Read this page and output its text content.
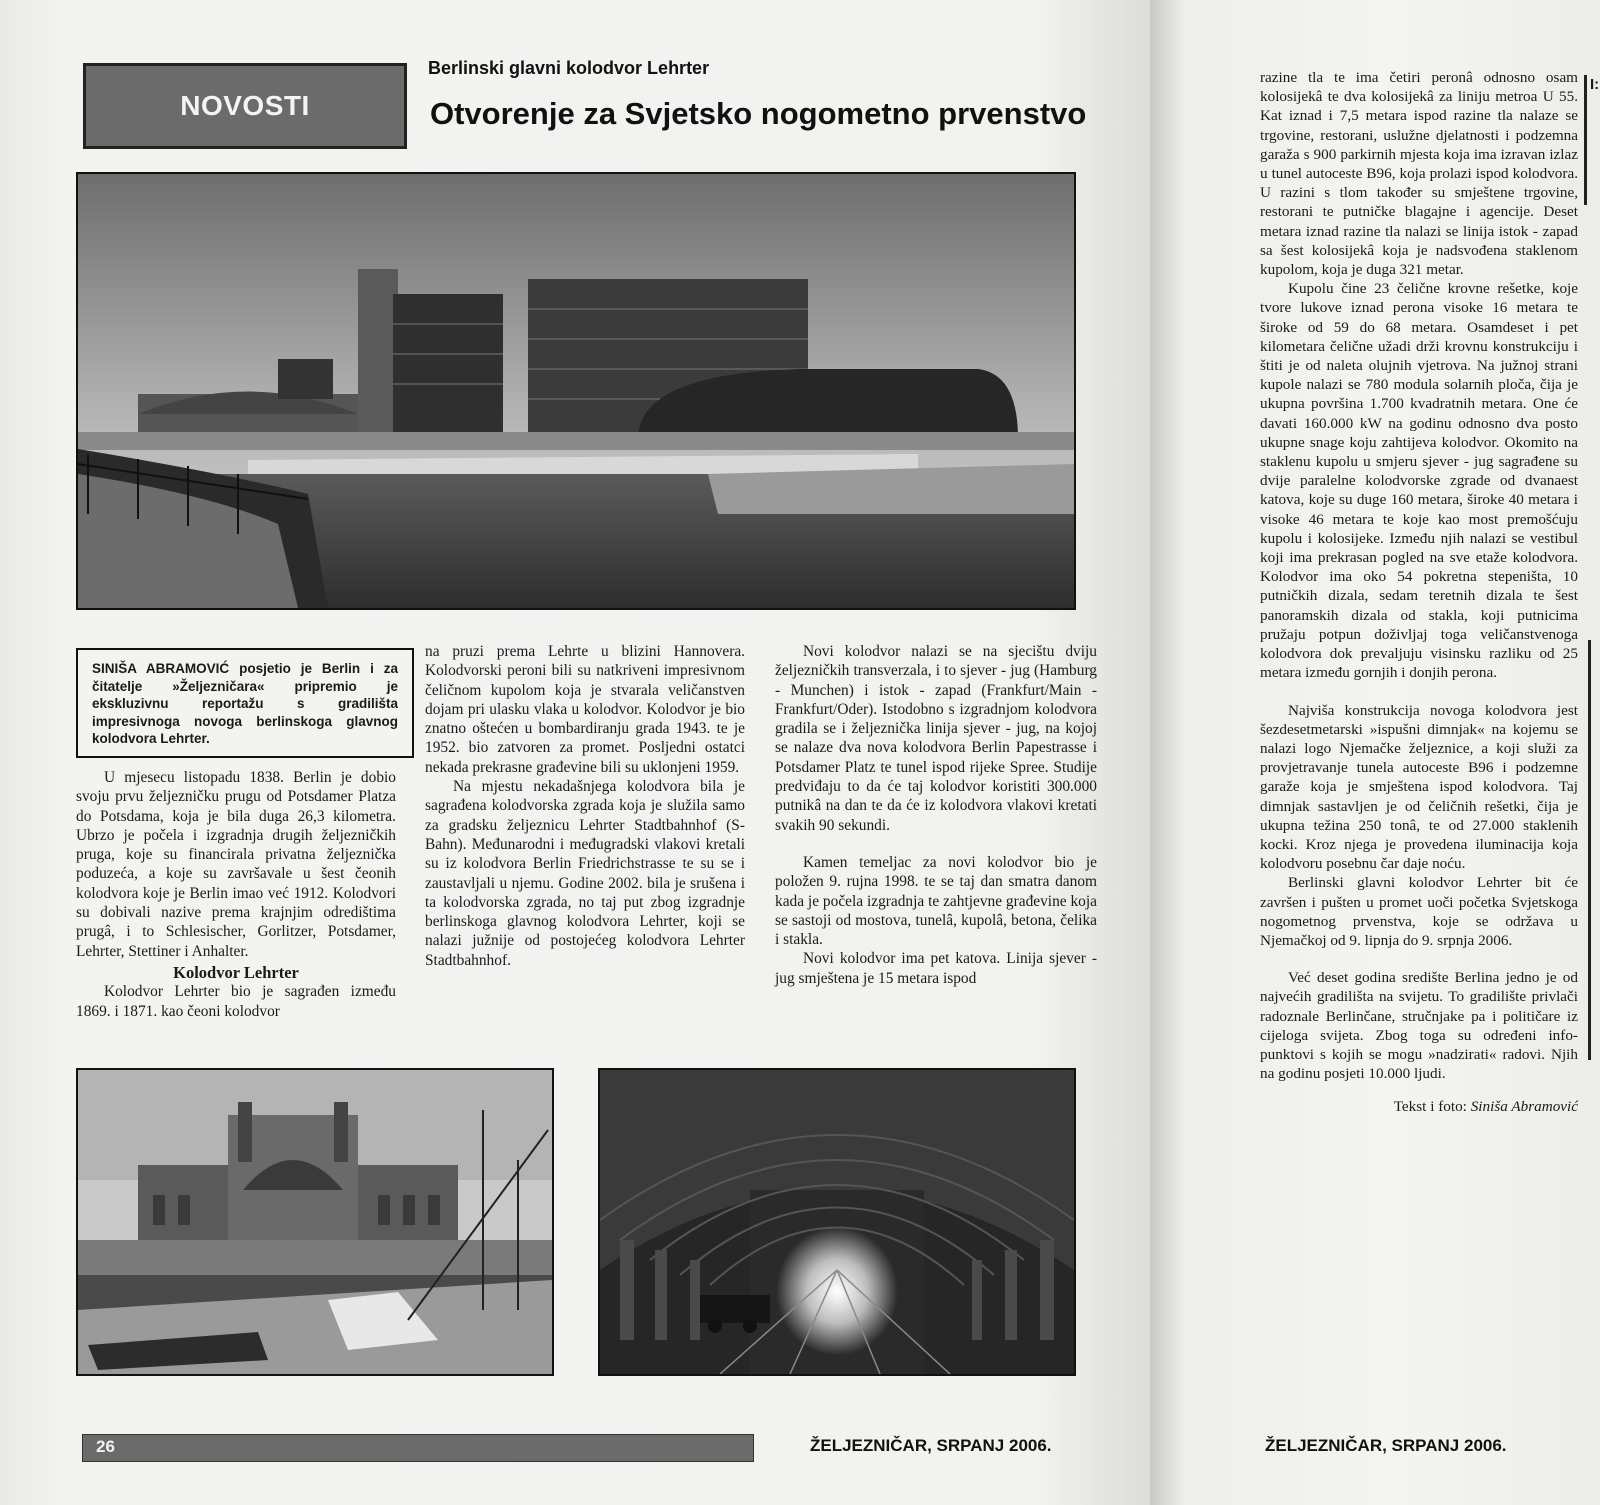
NOVOSTI
Berlinski glavni kolodvor Lehrter
Otvorenje za Svjetsko nogometno prvenstvo
SINIŠA ABRAMOVIĆ posjetio je Berlin i za čitatelje »Željezničara« pripremio je ekskluzivnu reportažu s gradilišta impresivnoga novoga berlinskoga glavnog kolodvora Lehrter.

U mjesecu listopadu 1838. Berlin je dobio svoju prvu željezničku prugu od Potsdamer Platza do Potsdama, koja je bila duga 26,3 kilometra. Ubrzo je počela i izgradnja drugih željezničkih pruga, koje su financirala privatna željeznička poduzeća, a koje su završavale u šest čeonih kolodvora koje je Berlin imao već 1912. Kolodvori su dobivali nazive prema krajnjim odredištima prugâ, i to Schlesischer, Gorlitzer, Potsdamer, Lehrter, Stettiner i Anhalter.

Kolodvor Lehrter

Kolodvor Lehrter bio je sagrađen između 1869. i 1871. kao čeoni kolodvor

na pruzi prema Lehrte u blizini Hannovera. Kolodvorski peroni bili su natkriveni impresivnom čeličnom kupolom koja je stvarala veličanstven dojam pri ulasku vlaka u kolodvor. Kolodvor je bio znatno oštećen u bombardiranju grada 1943. te je 1952. bio zatvoren za promet. Posljedni ostatci nekada prekrasne građevine bili su uklonjeni 1959.

Na mjestu nekadašnjega kolodvora bila je sagrađena kolodvorska zgrada koja je služila samo za gradsku željeznicu Lehrter Stadtbahnhof (S-Bahn). Međunarodni i međugradski vlakovi kretali su iz kolodvora Berlin Friedrichstrasse te su se i zaustavljali u njemu. Godine 2002. bila je srušena i ta kolodvorska zgrada, no taj put zbog izgradnje berlinskoga glavnog kolodvora Lehrter, koji se nalazi južnije od postojećeg kolodvora Lehrter Stadtbahnhof.

Novi kolodvor nalazi se na sjecištu dviju željezničkih transverzala, i to sjever - jug (Hamburg - Munchen) i istok - zapad (Frankfurt/Main - Frankfurt/Oder). Istodobno s izgradnjom kolodvora gradila se i željeznička linija sjever - jug, na kojoj se nalaze dva nova kolodvora Berlin Papestrasse i Potsdamer Platz te tunel ispod rijeke Spree. Studije predviđaju to da će taj kolodvor koristiti 300.000 putnikâ na dan te da će iz kolodvora vlakovi kretati svakih 90 sekundi.

Kamen temeljac za novi kolodvor bio je položen 9. rujna 1998. te se taj dan smatra danom kada je počela izgradnja te zahtjevne građevine koja se sastoji od mostova, tunelâ, kupolâ, betona, čelika i stakla.

Novi kolodvor ima pet katova. Linija sjever - jug smještena je 15 metara ispod

26	ŽELJEZNIČAR, SRPANJ 2006.

razine tla te ima četiri peronâ odnosno osam kolosijekâ te dva kolosijekâ za liniju metroa U 55. Kat iznad i 7,5 metara ispod razine tla nalaze se trgovine, restorani, uslužne djelatnosti i podzemna garaža s 900 parkirnih mjesta koja ima izravan izlaz u tunel autoceste B96, koja prolazi ispod kolodvora. U razini s tlom također su smještene trgovine, restorani te putničke blagajne i agencije. Deset metara iznad razine tla nalazi se linija istok - zapad sa šest kolosijekâ koja je nadsvođena staklenom kupolom, koja je duga 321 metar.

Kupolu čine 23 čelične krovne rešetke, koje tvore lukove iznad perona visoke 16 metara te široke od 59 do 68 metara. Osamdeset i pet kilometara čelične užadi drži krovnu konstrukciju i štiti je od naleta olujnih vjetrova. Na južnoj strani kupole nalazi se 780 modula solarnih ploča, čija je ukupna površina 1.700 kvadratnih metara. One će davati 160.000 kW na godinu odnosno dva posto ukupne snage koju zahtijeva kolodvor. Okomito na staklenu kupolu u smjeru sjever - jug sagrađene su dvije paralelne kolodvorske zgrade od dvanaest katova, koje su duge 160 metara, široke 40 metara i visoke 46 metara te koje kao most premošćuju kupolu i kolosijeke. Između njih nalazi se vestibul koji ima prekrasan pogled na sve etaže kolodvora. Kolodvor ima oko 54 pokretna stepeništa, 10 putničkih dizala, sedam teretnih dizala te šest panoramskih dizala od stakla, koji putnicima pružaju potpun doživljaj toga veličanstvenoga kolodvora dok prevaljuju visinsku razliku od 25 metara između gornjih i donjih perona.

Najviša konstrukcija novoga kolodvora jest šezdesetmetarski »ispušni dimnjak« na kojemu se nalazi logo Njemačke željeznice, a koji služi za provjetravanje tunela autoceste B96 i podzemne garaže koja je smještena ispod kolodvora. Taj dimnjak sastavljen je od čeličnih rešetki, čija je ukupna težina 250 tonâ, te od 27.000 staklenih kocki. Kroz njega je provedena iluminacija koja kolodvoru posebnu čar daje noću.

Berlinski glavni kolodvor Lehrter bit će završen i pušten u promet uoči početka Svjetskoga nogometnog prvenstva, koje se održava u Njemačkoj od 9. lipnja do 9. srpnja 2006.

Već deset godina središte Berlina jedno je od najvećih gradilišta na svijetu. To gradilište privlači radoznale Berlinčane, stručnjake pa i političare iz cijeloga svijeta. Zbog toga su određeni info-punktovi s kojih se mogu »nadzirati« radovi. Njih na godinu posjeti 10.000 ljudi.

Tekst i foto: Siniša Abramović
ŽELJEZNIČAR, SRPANJ 2006.
I:
